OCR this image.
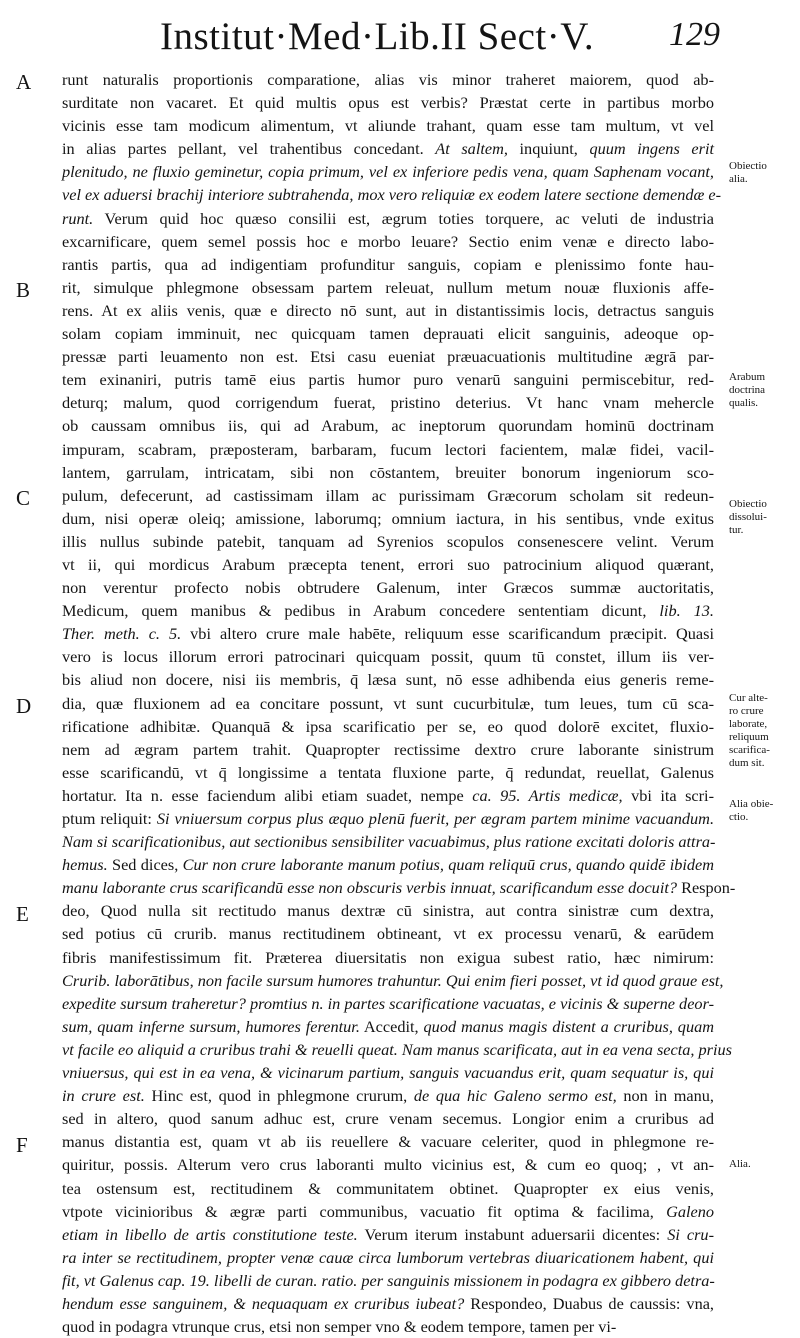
Institut·Med·Lib.II Sect·V. 129
runt naturalis proportionis comparatione, alias vis minor traheret maiorem, quod ab-
surditate non vacaret. Et quid multis opus est verbis? Præstat certe in partibus morbo
vicinis esse tam modicum alimentum, vt aliunde trahant, quam esse tam multum, vt vel
in alias partes pellant, vel trahentibus concedant. At saltem, inquiunt, quum ingens erit
plenitudo, ne fluxio geminetur, copia primum, vel ex inferiore pedis vena, quam Saphenam vocant,
vel ex aduersi brachij interiore subtrahenda, mox vero reliquiæ ex eodem latere sectione demendæ e-
runt. Verum quid hoc quæso consilii est, ægrum toties torquere, ac veluti de industria
excarnificare, quem semel possis hoc e morbo leuare? Sectio enim venæ e directo labo-
rantis partis, qua ad indigentiam profunditur sanguis, copiam e plenissimo fonte hau-
rit, simulque phlegmone obsessam partem releuat, nullum metum nouæ fluxionis affe-
rens. At ex aliis venis, quæ e directo nō sunt, aut in distantissimis locis, detractus sanguis
solam copiam imminuit, nec quicquam tamen deprauati elicit sanguinis, adeoque op-
pressæ parti leuamento non est. Etsi casu eueniat præuacuationis multitudine ægrā par-
tem exinaniri, putris tamē eius partis humor puro venarū sanguini permiscebitur, red-
deturq; malum, quod corrigendum fuerat, pristino deterius. Vt hanc vnam mehercle
ob caussam omnibus iis, qui ad Arabum, ac ineptorum quorundam hominū doctrinam
impuram, scabram, præposteram, barbaram, fucum lectori facientem, malæ fidei, vacil-
lantem, garrulam, intricatam, sibi non cōstantem, breuiter bonorum ingeniorum sco-
pulum, defecerunt, ad castissimam illam ac purissimam Græcorum scholam sit redeun-
dum, nisi operæ oleiq; amissione, laborumq; omnium iactura, in his sentibus, vnde exitus
illis nullus subinde patebit, tanquam ad Syrenios scopulos consenescere velint. Verum
vt ii, qui mordicus Arabum præcepta tenent, errori suo patrocinium aliquod quærant,
non verentur profecto nobis obtrudere Galenum, inter Græcos summæ auctoritatis,
Medicum, quem manibus & pedibus in Arabum concedere sententiam dicunt, lib. 13.
Ther. meth. c. 5. vbi altero crure male habēte, reliquum esse scarificandum præcipit. Quasi
vero is locus illorum errori patrocinari quicquam possit, quum tū constet, illum iis ver-
bis aliud non docere, nisi iis membris, q̄ læsa sunt, nō esse adhibenda eius generis reme-
dia, quæ fluxionem ad ea concitare possunt, vt sunt cucurbitulæ, tum leues, tum cū sca-
rificatione adhibitæ. Quanquā & ipsa scarificatio per se, eo quod dolorē excitet, fluxio-
nem ad ægram partem trahit. Quapropter rectissime dextro crure laborante sinistrum
esse scarificandū, vt q̄ longissime a tentata fluxione parte, q̄ redundat, reuellat, Galenus
hortatur. Ita n. esse faciendum alibi etiam suadet, nempe ca. 95. Artis medicæ, vbi ita scri-
ptum reliquit: Si vniuersum corpus plus æquo plenū fuerit, per ægram partem minime vacuandum.
Nam si scarificationibus, aut sectionibus sensibiliter vacuabimus, plus ratione excitati doloris attra-
hemus. Sed dices, Cur non crure laborante manum potius, quam reliquū crus, quando quidē ibidem
manu laborante crus scarificandū esse non obscuris verbis innuat, scarificandum esse docuit? Respon-
deo, Quod nulla sit rectitudo manus dextræ cū sinistra, aut contra sinistræ cum dextra,
sed potius cū crurib. manus rectitudinem obtineant, vt ex processu venarū, & earūdem
fibris manifestissimum fit. Præterea diuersitatis non exigua subest ratio, hæc nimirum:
Crurib. laborātibus, non facile sursum humores trahuntur. Qui enim fieri posset, vt id quod graue est,
expedite sursum traheretur? promtius n. in partes scarificatione vacuatas, e vicinis & superne deor-
sum, quam inferne sursum, humores ferentur. Accedit, quod manus magis distent a cruribus, quam
vt facile eo aliquid a cruribus trahi & reuelli queat. Nam manus scarificata, aut in ea vena secta, prius
vniuersus, qui est in ea vena, & vicinarum partium, sanguis vacuandus erit, quam sequatur is, qui
in crure est. Hinc est, quod in phlegmone crurum, de qua hic Galeno sermo est, non in manu,
sed in altero, quod sanum adhuc est, crure venam secemus. Longior enim a cruribus ad
manus distantia est, quam vt ab iis reuellere & vacuare celeriter, quod in phlegmone re-
quiritur, possis. Alterum vero crus laboranti multo vicinius est, & cum eo quoq; , vt an-
tea ostensum est, rectitudinem & communitatem obtinet. Quapropter ex eius venis,
vtpote vicinioribus & ægræ parti communibus, vacuatio fit optima & facilima, Galeno
etiam in libello de artis constitutione teste. Verum iterum instabunt aduersarii dicentes: Si cru-
ra inter se rectitudinem, propter venæ cauæ circa lumborum vertebras diuaricationem habent, qui
fit, vt Galenus cap. 19. libelli de curan. ratio. per sanguinis missionem in podagra ex gibbero detra-
hendum esse sanguinem, & nequaquam ex cruribus iubeat? Respondeo, Duabus de caussis: vna,
quod in podagra vtrunque crus, etsi non semper vno & eodem tempore, tamen per vi-
A
B
C
D
E
F
Obiectio
alia.
Arabum
doctrina
qualis.
Obiectio
dissolui-
tur.
Cur alte-
ro crure
laborate,
reliquum
scarifica-
dum sit.
Alia obie-
ctio.
Alia.
